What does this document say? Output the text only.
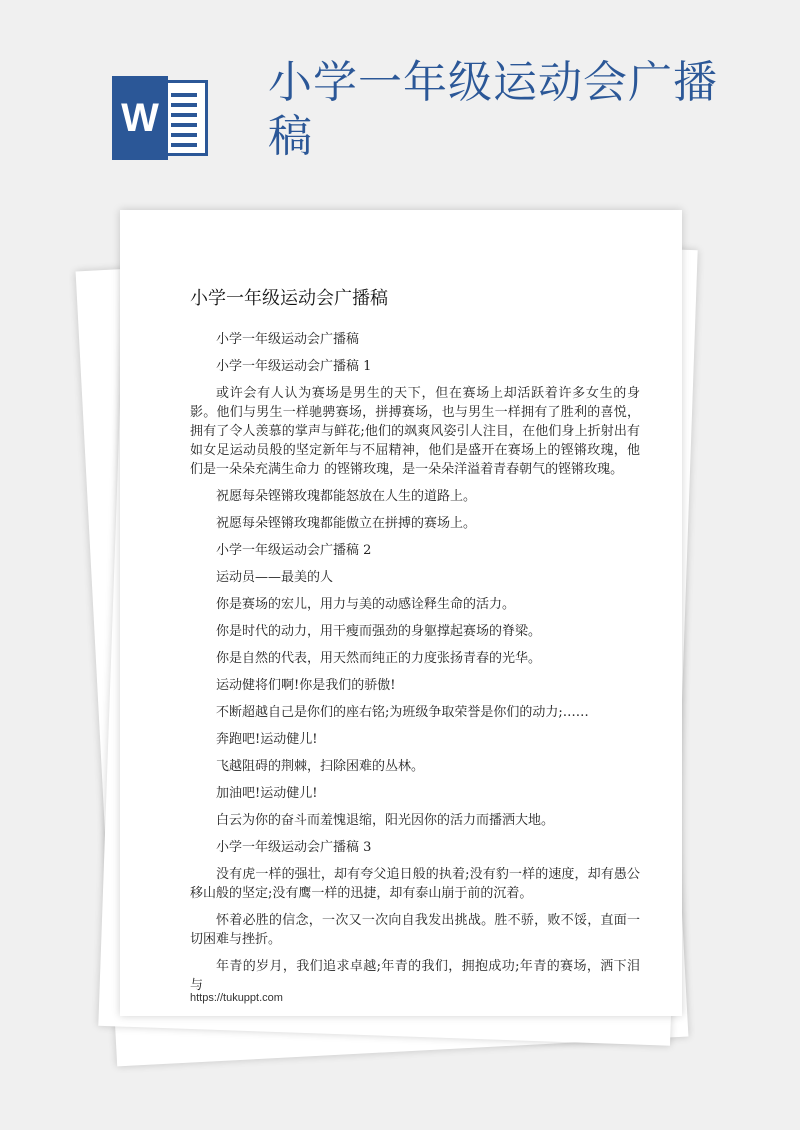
W
小学一年级运动会广播稿
小学一年级运动会广播稿

小学一年级运动会广播稿

小学一年级运动会广播稿 1

或许会有人认为赛场是男生的天下，但在赛场上却活跃着许多女生的身影。他们与男生一样驰骋赛场，拼搏赛场，也与男生一样拥有了胜利的喜悦，拥有了令人羡慕的掌声与鲜花;他们的飒爽风姿引人注目，在他们身上折射出有如女足运动员般的坚定新年与不屈精神，他们是盛开在赛场上的铿锵玫瑰，他们是一朵朵充满生命力 的铿锵玫瑰，是一朵朵洋溢着青春朝气的铿锵玫瑰。

祝愿每朵铿锵玫瑰都能怒放在人生的道路上。

祝愿每朵铿锵玫瑰都能傲立在拼搏的赛场上。

小学一年级运动会广播稿 2

运动员——最美的人

你是赛场的宏儿，用力与美的动感诠释生命的活力。

你是时代的动力，用干瘦而强劲的身躯撑起赛场的脊梁。

你是自然的代表，用天然而纯正的力度张扬青春的光华。

运动健将们啊!你是我们的骄傲!

不断超越自己是你们的座右铭;为班级争取荣誉是你们的动力;……

奔跑吧!运动健儿!

飞越阻碍的荆棘，扫除困难的丛林。

加油吧!运动健儿!

白云为你的奋斗而羞愧退缩，阳光因你的活力而播洒大地。

小学一年级运动会广播稿 3

没有虎一样的强壮，却有夸父追日般的执着;没有豹一样的速度，却有愚公移山般的坚定;没有鹰一样的迅捷，却有泰山崩于前的沉着。

怀着必胜的信念，一次又一次向自我发出挑战。胜不骄，败不馁，直面一切困难与挫折。

年青的岁月，我们追求卓越;年青的我们，拥抱成功;年青的赛场，洒下泪与

https://tukuppt.com
